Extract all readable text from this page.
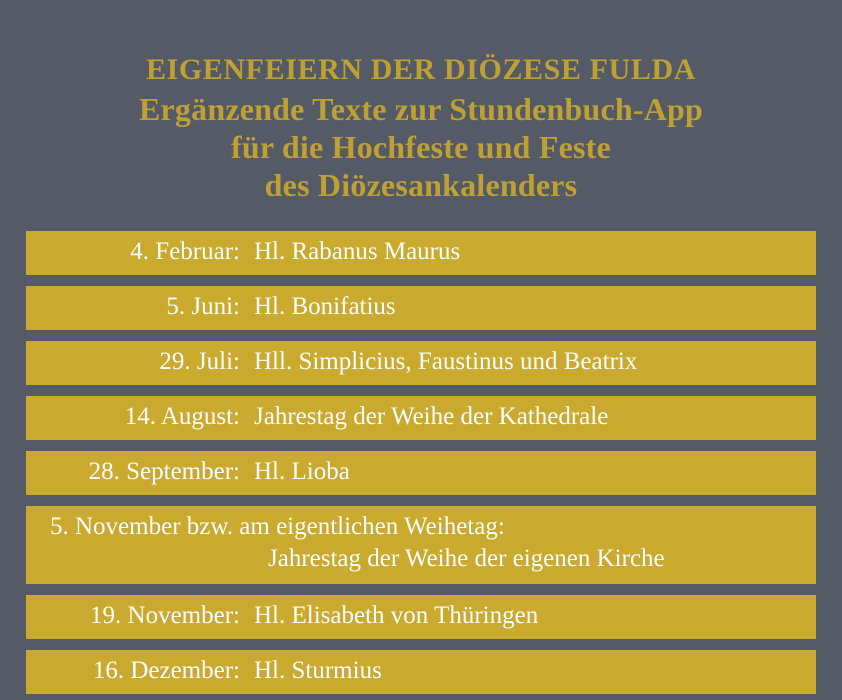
EIGENFEIERN DER DIÖZESE FULDA
Ergänzende Texte zur Stundenbuch-App
für die Hochfeste und Feste
des Diözesankalenders
4. Februar: Hl. Rabanus Maurus
5. Juni: Hl. Bonifatius
29. Juli: Hll. Simplicius, Faustinus und Beatrix
14. August: Jahrestag der Weihe der Kathedrale
28. September: Hl. Lioba
5. November bzw. am eigentlichen Weihetag:
Jahrestag der Weihe der eigenen Kirche
19. November: Hl. Elisabeth von Thüringen
16. Dezember: Hl. Sturmius
